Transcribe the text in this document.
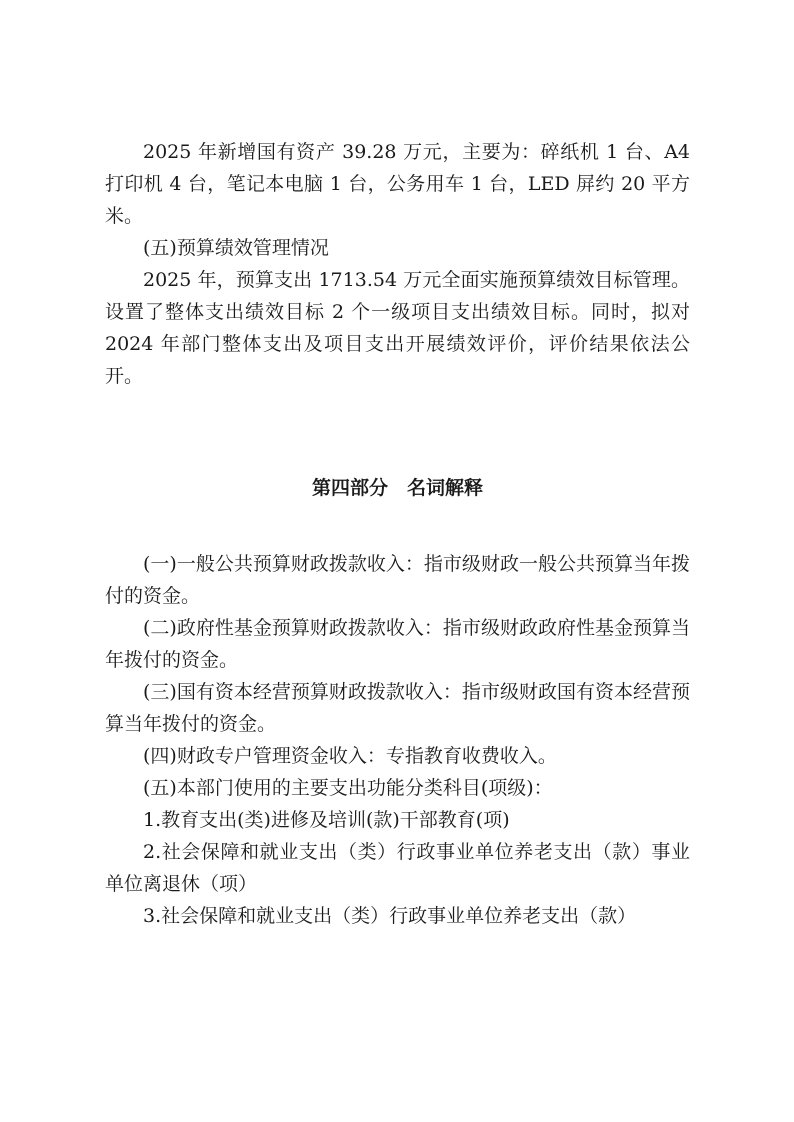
2025 年新增国有资产 39.28 万元，主要为：碎纸机 1 台、A4 打印机 4 台，笔记本电脑 1 台，公务用车 1 台，LED 屏约 20 平方米。

(五)预算绩效管理情况

2025 年，预算支出 1713.54 万元全面实施预算绩效目标管理。设置了整体支出绩效目标 2 个一级项目支出绩效目标。同时，拟对 2024 年部门整体支出及项目支出开展绩效评价，评价结果依法公开。

第四部分　名词解释

(一)一般公共预算财政拨款收入：指市级财政一般公共预算当年拨付的资金。

(二)政府性基金预算财政拨款收入：指市级财政政府性基金预算当年拨付的资金。

(三)国有资本经营预算财政拨款收入：指市级财政国有资本经营预算当年拨付的资金。

(四)财政专户管理资金收入：专指教育收费收入。

(五)本部门使用的主要支出功能分类科目(项级)：

1.教育支出(类)进修及培训(款)干部教育(项)

2.社会保障和就业支出（类）行政事业单位养老支出（款）事业单位离退休（项）

3.社会保障和就业支出（类）行政事业单位养老支出（款）
